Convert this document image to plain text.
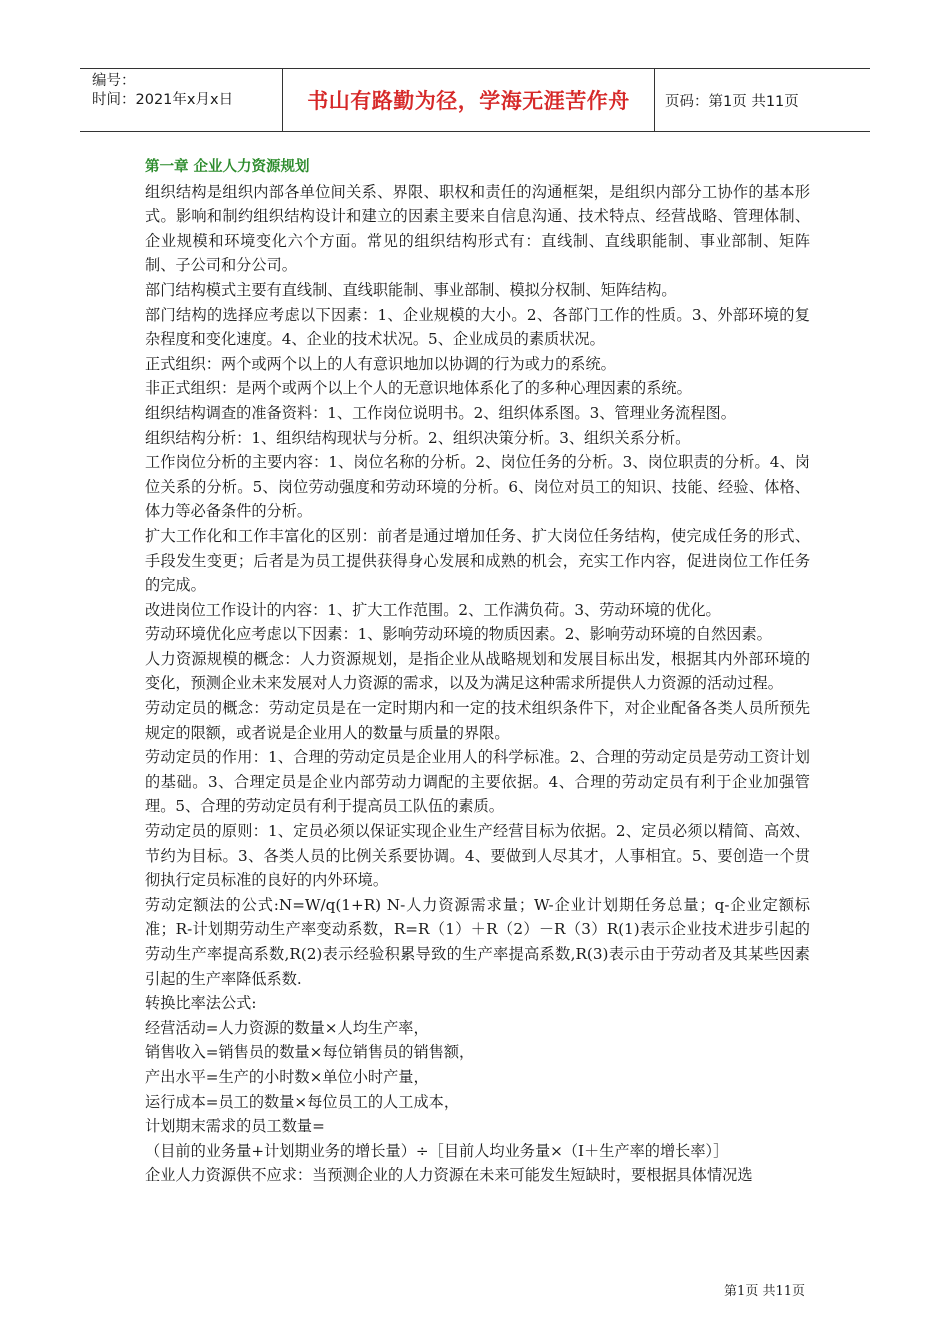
编号：
时间：2021年x月x日	书山有路勤为径，学海无涯苦作舟	页码：第1页 共11页

第一章 企业人力资源规划

组织结构是组织内部各单位间关系、界限、职权和责任的沟通框架，是组织内部分工协作的基本形式。影响和制约组织结构设计和建立的因素主要来自信息沟通、技术特点、经营战略、管理体制、企业规模和环境变化六个方面。常见的组织结构形式有：直线制、直线职能制、事业部制、矩阵制、子公司和分公司。

部门结构模式主要有直线制、直线职能制、事业部制、模拟分权制、矩阵结构。

部门结构的选择应考虑以下因素：1、企业规模的大小。2、各部门工作的性质。3、外部环境的复杂程度和变化速度。4、企业的技术状况。5、企业成员的素质状况。

正式组织：两个或两个以上的人有意识地加以协调的行为或力的系统。

非正式组织：是两个或两个以上个人的无意识地体系化了的多种心理因素的系统。

组织结构调查的准备资料：1、工作岗位说明书。2、组织体系图。3、管理业务流程图。

组织结构分析：1、组织结构现状与分析。2、组织决策分析。3、组织关系分析。

工作岗位分析的主要内容：1、岗位名称的分析。2、岗位任务的分析。3、岗位职责的分析。4、岗位关系的分析。5、岗位劳动强度和劳动环境的分析。6、岗位对员工的知识、技能、经验、体格、体力等必备条件的分析。

扩大工作化和工作丰富化的区别：前者是通过增加任务、扩大岗位任务结构，使完成任务的形式、手段发生变更；后者是为员工提供获得身心发展和成熟的机会，充实工作内容，促进岗位工作任务的完成。

改进岗位工作设计的内容：1、扩大工作范围。2、工作满负荷。3、劳动环境的优化。

劳动环境优化应考虑以下因素：1、影响劳动环境的物质因素。2、影响劳动环境的自然因素。

人力资源规模的概念：人力资源规划，是指企业从战略规划和发展目标出发，根据其内外部环境的变化，预测企业未来发展对人力资源的需求，以及为满足这种需求所提供人力资源的活动过程。

劳动定员的概念：劳动定员是在一定时期内和一定的技术组织条件下，对企业配备各类人员所预先规定的限额，或者说是企业用人的数量与质量的界限。

劳动定员的作用：1、合理的劳动定员是企业用人的科学标准。2、合理的劳动定员是劳动工资计划的基础。3、合理定员是企业内部劳动力调配的主要依据。4、合理的劳动定员有利于企业加强管理。5、合理的劳动定员有利于提高员工队伍的素质。

劳动定员的原则：1、定员必须以保证实现企业生产经营目标为依据。2、定员必须以精简、高效、节约为目标。3、各类人员的比例关系要协调。4、要做到人尽其才，人事相宜。5、要创造一个贯彻执行定员标准的良好的内外环境。

劳动定额法的公式:N=W/q(1+R) N-人力资源需求量；W-企业计划期任务总量；q-企业定额标准；R-计划期劳动生产率变动系数，R=R（1）＋R（2）－R（3）R(1)表示企业技术进步引起的劳动生产率提高系数,R(2)表示经验积累导致的生产率提高系数,R(3)表示由于劳动者及其某些因素引起的生产率降低系数.

转换比率法公式:

经营活动=人力资源的数量×人均生产率，

销售收入=销售员的数量×每位销售员的销售额，

产出水平=生产的小时数×单位小时产量，

运行成本=员工的数量×每位员工的人工成本，

计划期末需求的员工数量=

（目前的业务量+计划期业务的增长量）÷［目前人均业务量×（Ⅰ＋生产率的增长率）］

企业人力资源供不应求：当预测企业的人力资源在未来可能发生短缺时，要根据具体情况选

第1页 共11页
